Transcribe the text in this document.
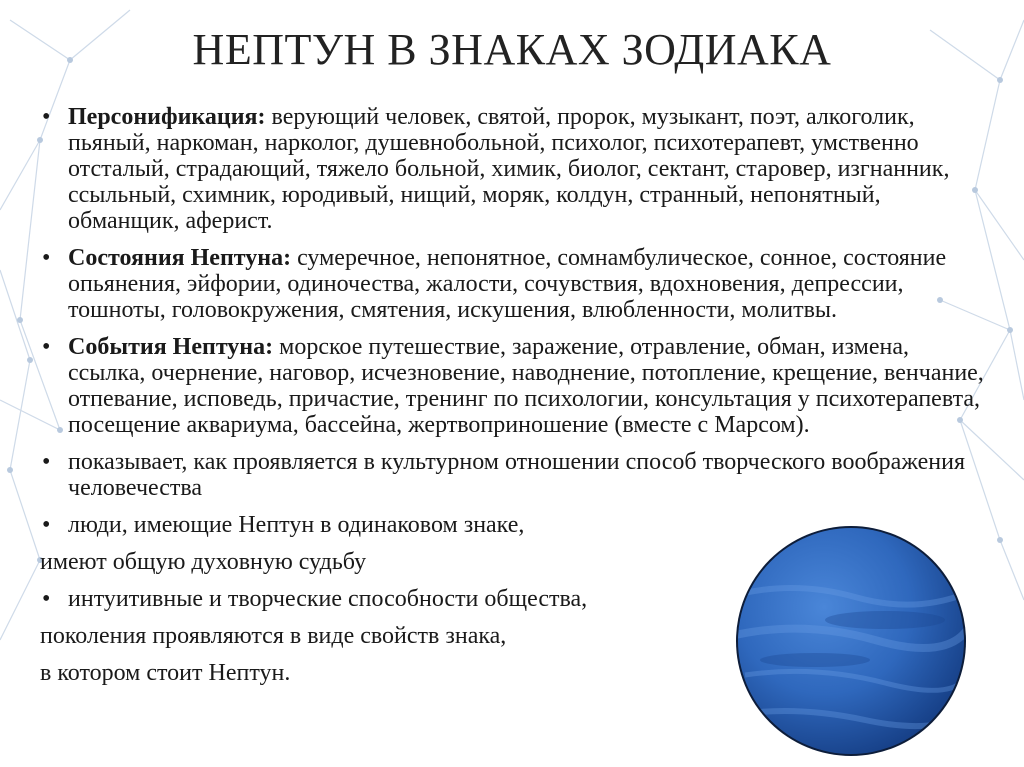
НЕПТУН В ЗНАКАХ ЗОДИАКА
• Персонификация: верующий человек, святой, пророк, музыкант, поэт, алкоголик, пьяный, наркоман, нарколог, душевнобольной, психолог, психотерапевт, умственно отсталый, страдающий, тяжело больной, химик, биолог, сектант, старовер, изгнанник, ссыльный, схимник, юродивый, нищий, моряк, колдун, странный, непонятный, обманщик, аферист.
• Состояния Нептуна: сумеречное, непонятное, сомнамбулическое, сонное, состояние опьянения, эйфории, одиночества, жалости, сочувствия, вдохновения, депрессии, тошноты, головокружения, смятения, искушения, влюбленности, молитвы.
• События Нептуна: морское путешествие, заражение, отравление, обман, измена, ссылка, очернение, наговор, исчезновение, наводнение, потопление, крещение, венчание, отпевание, исповедь, причастие, тренинг по психологии, консультация у психотерапевта, посещение аквариума, бассейна, жертвоприношение (вместе с Марсом).
• показывает, как проявляется в культурном отношении способ творческого воображения человечества
• люди, имеющие Нептун в одинаковом знаке,
имеют общую духовную судьбу
• интуитивные и творческие способности общества,
поколения проявляются в виде свойств знака,
в котором стоит Нептун.
